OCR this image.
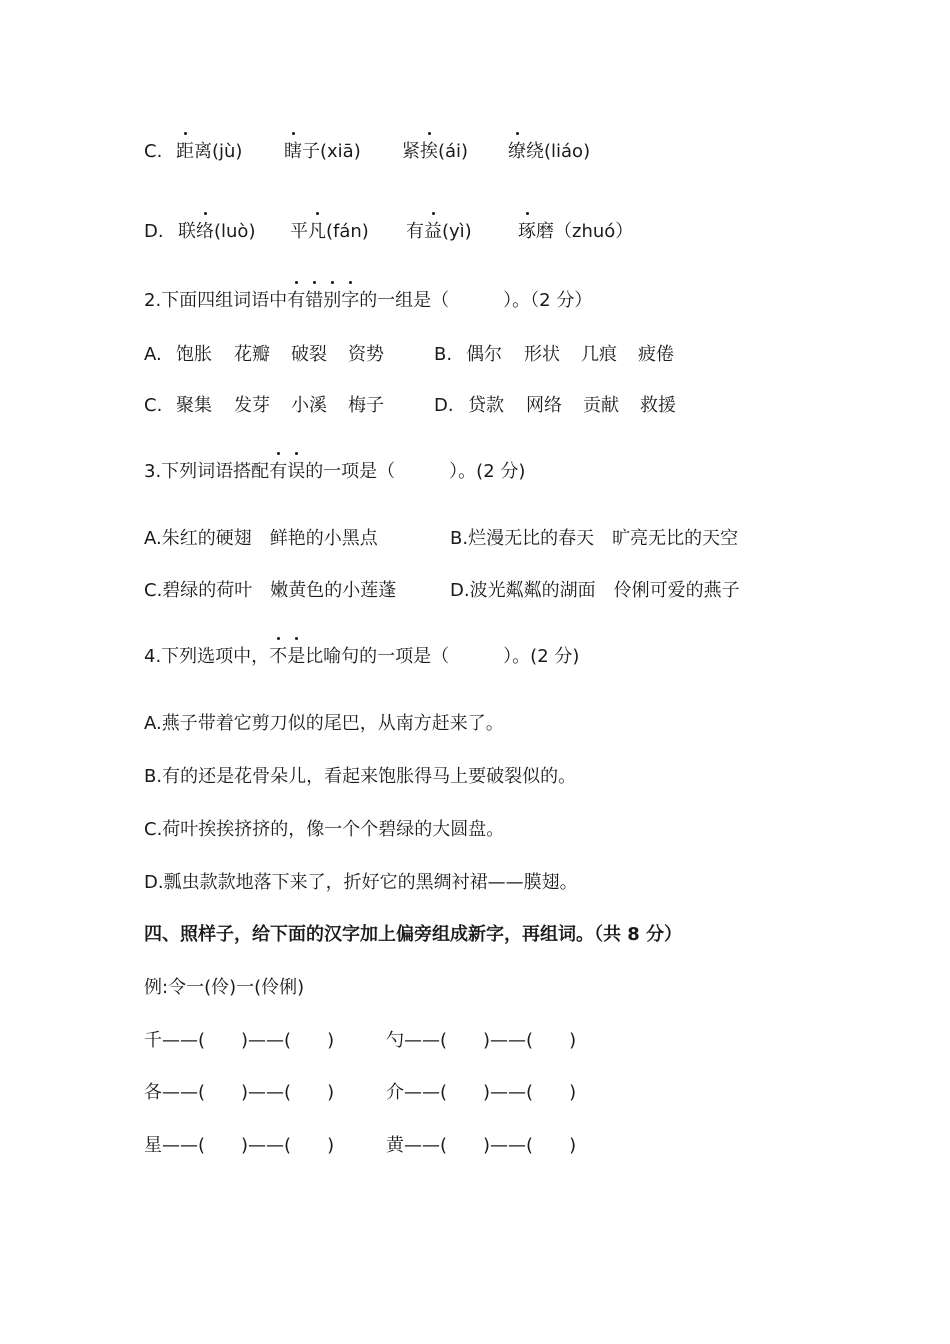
C. 距离(jù) 瞎子(xiā) 紧挨(ái) 缭绕(liáo)
D. 联络(luò) 平凡(fán) 有益(yì)	琢磨（zhuó）
2.下面四组词语中有错别字的一组是（　　　）。（2 分）
A. 饱胀 花瓣 破裂 资势	B. 偶尔 形状 几痕 疲倦
C. 聚集 发芽 小溪 梅子	D. 贷款 网络 贡献 救援
3.下列词语搭配有误的一项是（　　　）。(2 分)
A.朱红的硬翅　鲜艳的小黑点	B.烂漫无比的春天　旷亮无比的天空
C.碧绿的荷叶　嫩黄色的小莲蓬	D.波光粼粼的湖面　伶俐可爱的燕子
4.下列选项中，不是比喻句的一项是（　　　）。(2 分)
A.燕子带着它剪刀似的尾巴，从南方赶来了。
B.有的还是花骨朵儿，看起来饱胀得马上要破裂似的。
C.荷叶挨挨挤挤的，像一个个碧绿的大圆盘。
D.瓢虫款款地落下来了，折好它的黑绸衬裙——膜翅。
四、照样子，给下面的汉字加上偏旁组成新字，再组词。（共 8 分）
例:令一(伶)一(伶俐)
千——(　　)——(　　)	勺——(　　)——(　　)
各——(　　)——(　　)	介——(　　)——(　　)
星——(　　)——(　　)	黄——(　　)——(　　)
